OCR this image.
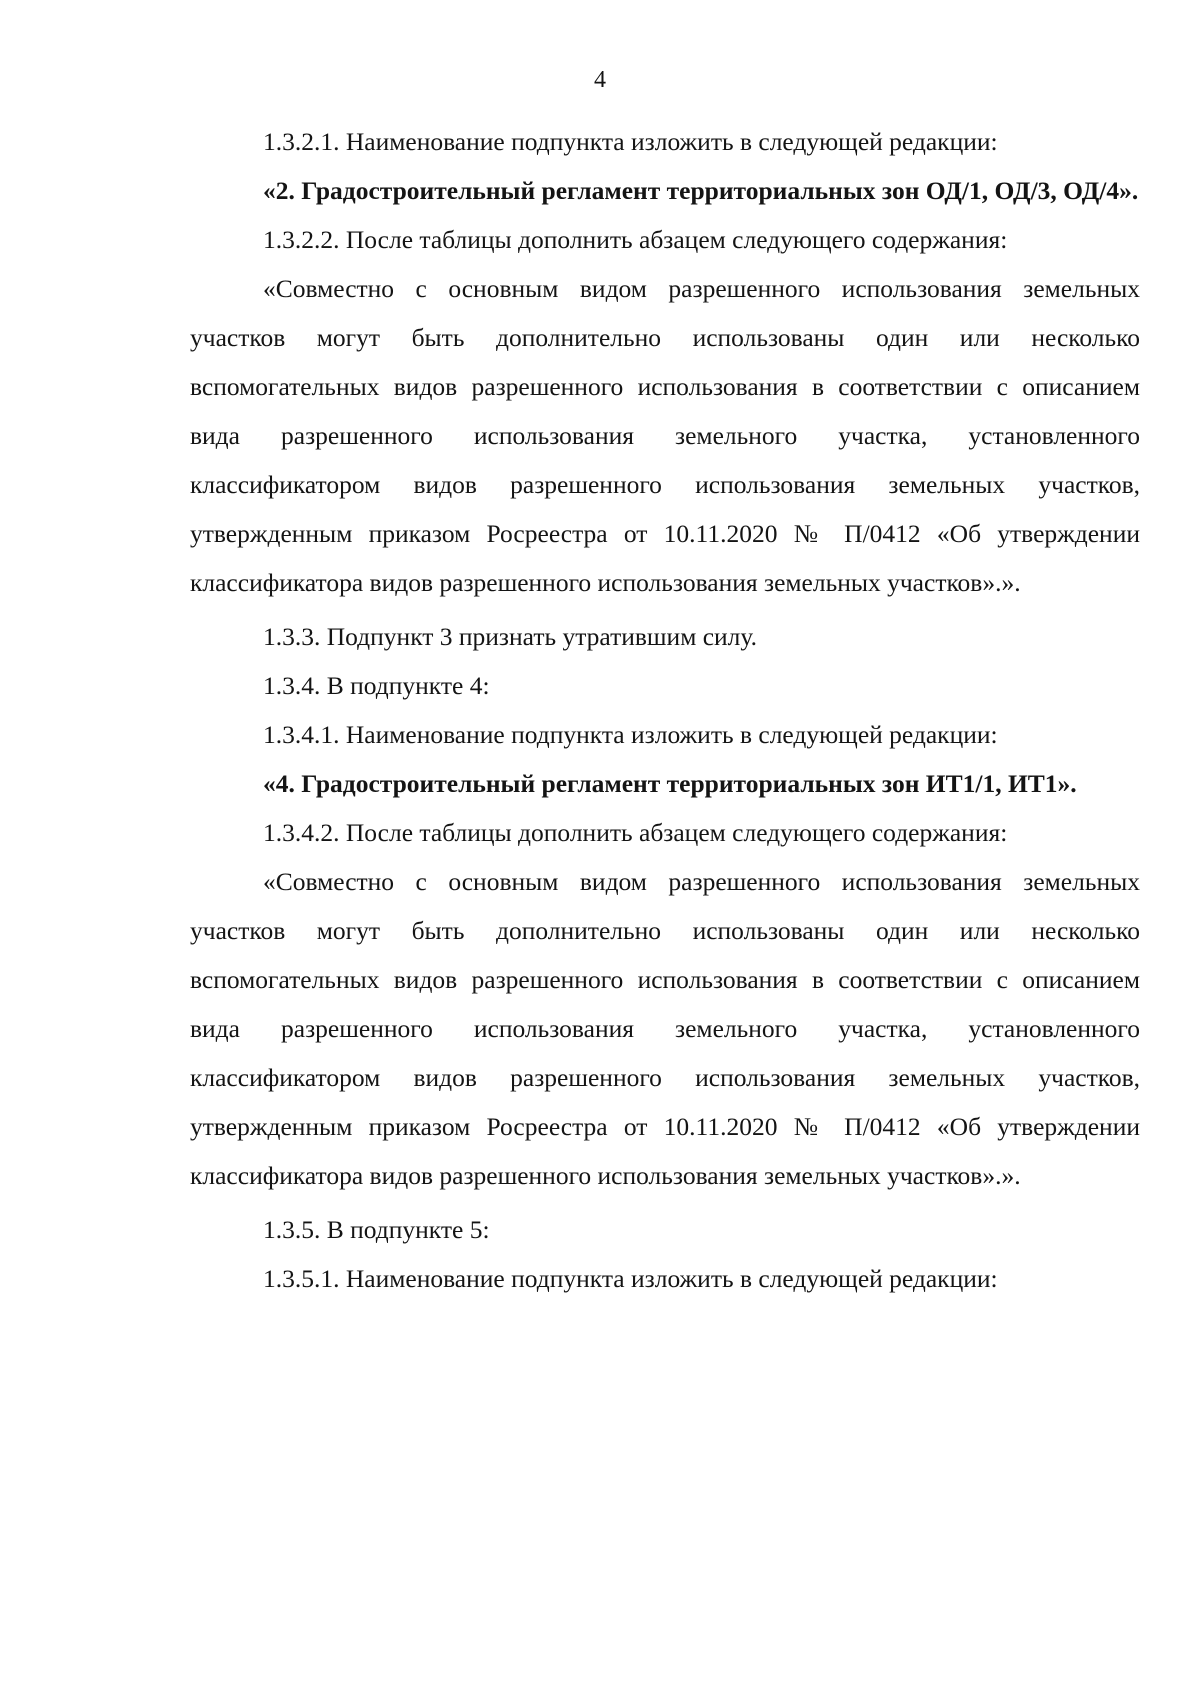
4

1.3.2.1. Наименование подпункта изложить в следующей редакции:

«2. Градостроительный регламент территориальных зон ОД/1, ОД/3, ОД/4».

1.3.2.2. После таблицы дополнить абзацем следующего содержания:

«Совместно с основным видом разрешенного использования земельных участков могут быть дополнительно использованы один или несколько вспомогательных видов разрешенного использования в соответствии с описанием вида разрешенного использования земельного участка, установленного классификатором видов разрешенного использования земельных участков, утвержденным приказом Росреестра от 10.11.2020 № П/0412 «Об утверждении классификатора видов разрешенного использования земельных участков».».

1.3.3. Подпункт 3 признать утратившим силу.

1.3.4. В подпункте 4:

1.3.4.1. Наименование подпункта изложить в следующей редакции:

«4. Градостроительный регламент территориальных зон ИТ1/1, ИТ1».

1.3.4.2. После таблицы дополнить абзацем следующего содержания:

«Совместно с основным видом разрешенного использования земельных участков могут быть дополнительно использованы один или несколько вспомогательных видов разрешенного использования в соответствии с описанием вида разрешенного использования земельного участка, установленного классификатором видов разрешенного использования земельных участков, утвержденным приказом Росреестра от 10.11.2020 № П/0412 «Об утверждении классификатора видов разрешенного использования земельных участков».».

1.3.5. В подпункте 5:

1.3.5.1. Наименование подпункта изложить в следующей редакции:
